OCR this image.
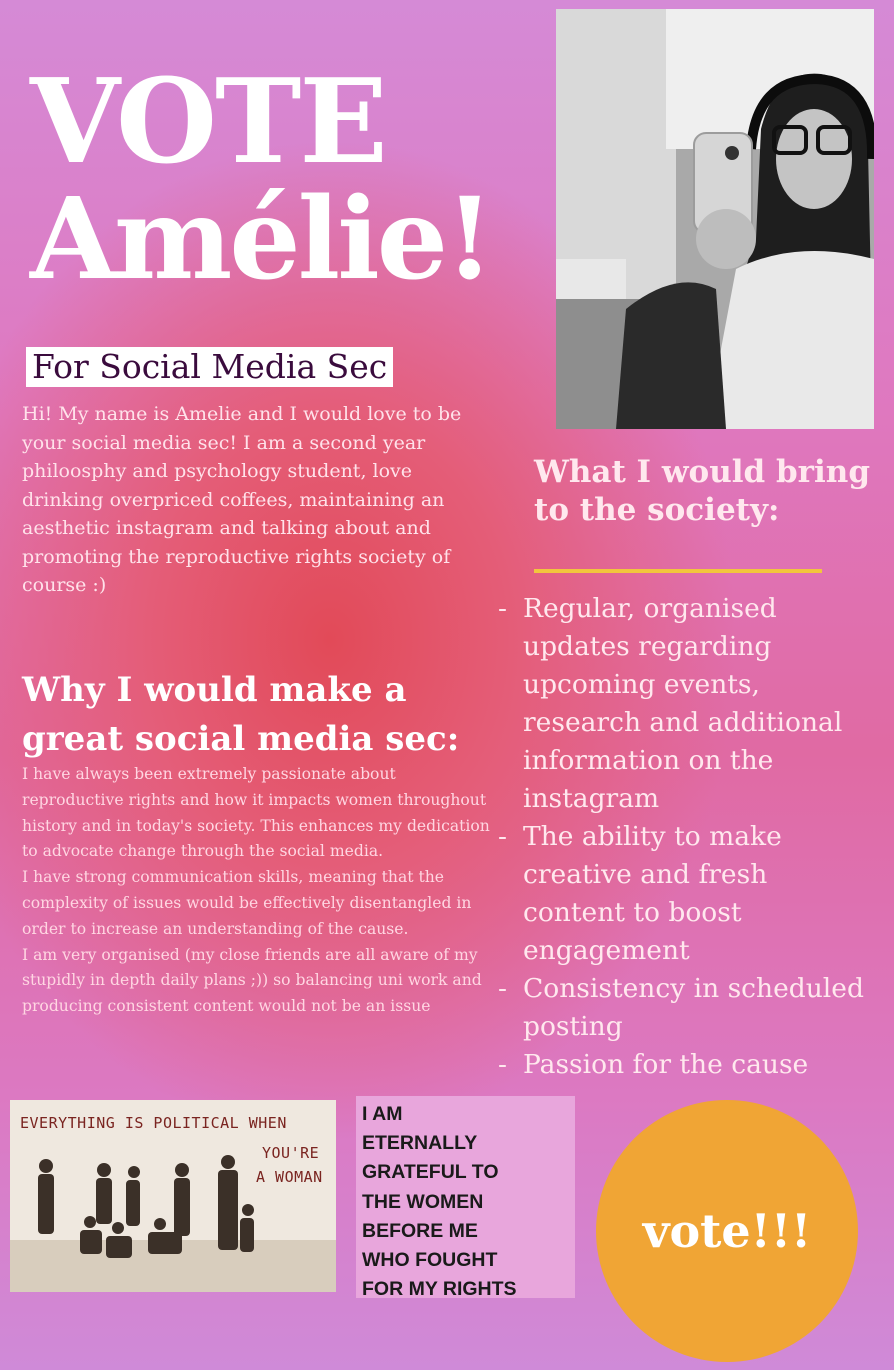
VOTE
Amélie!
For Social Media Sec
Hi! My name is Amelie and I would love to be your social media sec! I am a second year philoosphy and psychology student, love drinking overpriced coffees, maintaining an aesthetic instagram and talking about and promoting the reproductive rights society of course :)
Why I would make a great social media sec:
I have always been extremely passionate about reproductive rights and how it impacts women throughout history and in today's society. This enhances my dedication to advocate change through the social media.
I have strong communication skills, meaning that the complexity of issues would be effectively disentangled in order to increase an understanding of the cause.
I am very organised (my close friends are all aware of my stupidly in depth daily plans ;)) so balancing uni work and producing consistent content would not be an issue
What I would bring to the society:
- Regular, organised updates regarding upcoming events, research and additional information on the instagram
- The ability to make creative and fresh content to boost engagement
- Consistency in scheduled posting
- Passion for the cause
EVERYTHING IS POLITICAL WHEN
YOU'RE
A WOMAN
I AM
ETERNALLY
GRATEFUL TO
THE WOMEN
BEFORE ME
WHO FOUGHT
FOR MY RIGHTS
vote!!!
